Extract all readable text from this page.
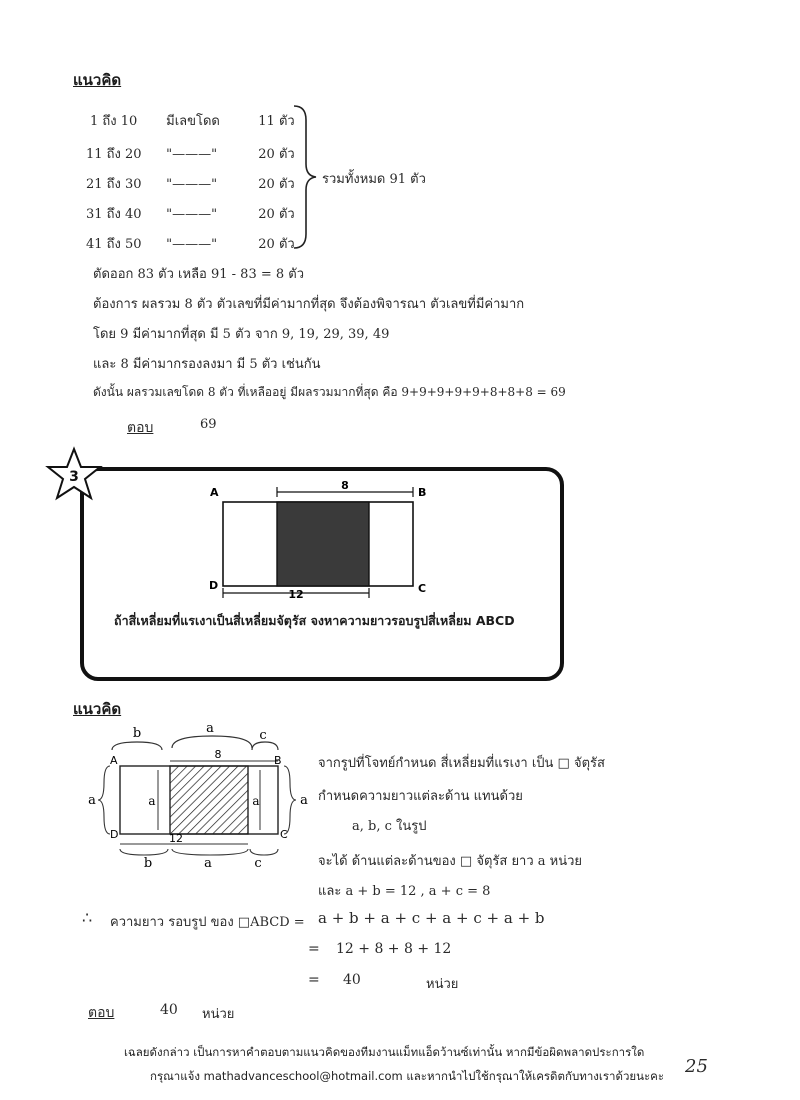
แนวคิด
1 ถึง 10 มีเลขโดด	11 ตัว
11 ถึง 20 "———"	20 ตัว
21 ถึง 30 "———"	20 ตัว
31 ถึง 40 "———"	20 ตัว
41 ถึง 50 "———"	20 ตัว
รวมทั้งหมด 91 ตัว
ตัดออก 83 ตัว เหลือ 91 - 83 = 8 ตัว
ต้องการ ผลรวม 8 ตัว ตัวเลขที่มีค่ามากที่สุด จึงต้องพิจารณา ตัวเลขที่มีค่ามาก
โดย 9 มีค่ามากที่สุด มี 5 ตัว จาก 9, 19, 29, 39, 49
และ 8 มีค่ามากรองลงมา มี 5 ตัว เช่นกัน
ดังนั้น ผลรวมเลขโดด 8 ตัว ที่เหลืออยู่ มีผลรวมมากที่สุด คือ 9+9+9+9+9+8+8+8 = 69
ตอบ	69
3
8
12
A	B
C
D
ถ้าสี่เหลี่ยมที่แรเงาเป็นสี่เหลี่ยมจัตุรัส จงหาความยาวรอบรูปสี่เหลี่ยม ABCD
แนวคิด
b	a	c
8
a	a
a	a
A	B
C
D	12
b	a	c
จากรูปที่โจทย์กำหนด สี่เหลี่ยมที่แรเงา เป็น □ จัตุรัส
กำหนดความยาวแต่ละด้าน แทนด้วย
a, b, c ในรูป
จะได้ ด้านแต่ละด้านของ □ จัตุรัส ยาว a หน่วย
และ a + b = 12 , a + c = 8
∴ ความยาว รอบรูป ของ □ABCD = a + b + a + c + a + c + a + b
= 12 + 8 + 8 + 12
= 40	หน่วย
ตอบ	40 หน่วย
เฉลยดังกล่าว เป็นการหาคำตอบตามแนวคิดของทีมงานแม็ทแอ็ดว้านซ์เท่านั้น หากมีข้อผิดพลาดประการใด
กรุณาแจ้ง mathadvanceschool@hotmail.com และหากนำไปใช้กรุณาให้เครดิตกับทางเราด้วยนะคะ 25
